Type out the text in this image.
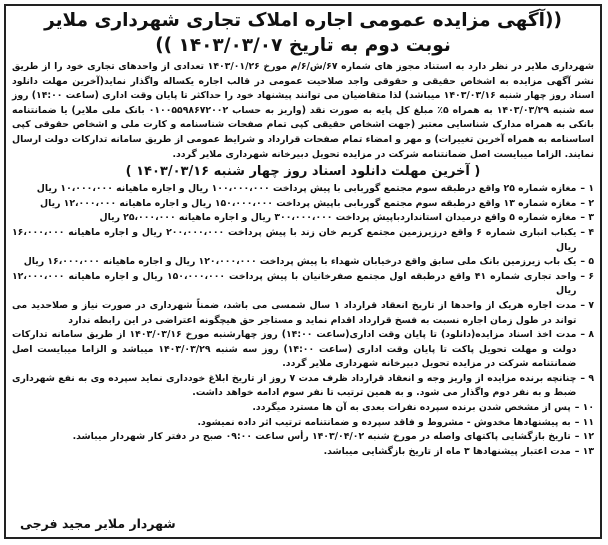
((آگهی مزایده عمومی اجاره املاک تجاری شهرداری ملایر

نوبت دوم به تاریخ ۱۴۰۳/۰۳/۰۷ ))

شهرداری ملایر در نظر دارد به استناد مجوز های شماره ۶۷/ش/۶/م مورخ ۱۴۰۳/۰۱/۲۶ تعدادی از واحدهای تجاری خود را از طریق نشر آگهی مزایده به اشخاص حقیقی و حقوقی واجد صلاحیت عمومی در قالب اجاره یکساله واگذار نماید(آخرین مهلت دانلود اسناد روز چهار شنبه ۱۴۰۳/۰۳/۱۶ میباشد) لذا متقاضیان می توانند پیشنهاد خود را حداکثر تا پایان وقت اداری (ساعت ۱۴:۰۰) روز سه شنبه ۱۴۰۳/۰۳/۲۹ به همراه ۵٪ مبلغ کل پایه به صورت نقد (واریز به حساب ۰۱۰۰۵۵۹۸۶۷۲۰۰۲ بانک ملی ملایر) یا ضمانتنامه بانکی به همراه مدارک شناسایی معتبر (جهت اشخاص حقیقی کپی تمام صفحات شناسنامه و کارت ملی و اشخاص حقوقی کپی اساسنامه به همراه آخرین تغییرات) و مهر و امضاء تمام صفحات قرارداد و شرایط عمومی از طریق سامانه تدارکات دولت ارسال نمایند. الزاما میبایست اصل ضمانتنامه شرکت در مزایده تحویل دبیرخانه شهرداری ملایر گردد.

( آخرین مهلت دانلود اسناد روز چهار شنبه ۱۴۰۳/۰۳/۱۶ )

۱ –
مغازه شماره ۲۵ واقع درطبقه سوم مجتمع گوربابی با پیش پرداخت ۱۰۰،۰۰۰،۰۰۰ ریال و اجاره ماهیانه ۱۰،۰۰۰،۰۰۰ ریال
۲ –
مغازه شماره ۱۳ واقع درطبقه سوم مجتمع گوربابی باپیش پرداخت ۱۵۰،۰۰۰،۰۰۰ ریال و اجاره ماهیانه ۱۲،۰۰۰،۰۰۰ ریال
۳ –
مغازه شماره ۵ واقع درمیدان استانداردباپیش پرداخت ۳۰۰،۰۰۰،۰۰۰ ریال و اجاره ماهیانه ۲۵،۰۰۰،۰۰۰ ریال
۴ –
یکباب انباری شماره ۶ واقع درزیرزمین مجتمع کریم خان زند با پیش پرداخت ۲۰۰،۰۰۰،۰۰۰ ریال و اجاره ماهیانه ۱۶،۰۰۰،۰۰۰ ریال
۵ –
یک باب زیرزمین بانک ملی سابق واقع درخیابان شهداء با پیش پرداخت ۱۲۰،۰۰۰،۰۰۰ ریال و اجاره ماهیانه ۱۶،۰۰۰،۰۰۰ ریال
۶ –
واحد تجاری شماره ۴۱ واقع درطبقه اول مجتمع صفرخانیان با پیش پرداخت ۱۵۰،۰۰۰،۰۰۰ ریال و اجاره ماهیانه ۱۲،۰۰۰،۰۰۰ ریال
۷ –
مدت اجاره هریک از واحدها از تاریخ انعقاد قرارداد ۱ سال شمسی می باشد، ضمناً شهرداری در صورت نیاز و صلاحدید می تواند در طول زمان اجاره نسبت به فسخ قرارداد اقدام نماید و مستاجر حق هیچگونه اعتراضی در این رابطه ندارد
۸ –
مدت اخذ اسناد مزایده(دانلود) تا پایان وقت اداری(ساعت ۱۴:۰۰) روز چهارشنبه مورخ ۱۴۰۳/۰۳/۱۶ از طریق سامانه تدارکات دولت و مهلت تحویل پاکت تا پایان وقت اداری (ساعت ۱۴:۰۰) روز سه شنبه ۱۴۰۳/۰۳/۲۹ میباشد و الزاما میبایست اصل ضمانتنامه شرکت در مزایده تحویل دبیرخانه شهرداری ملایر گردد.
۹ –
چنانچه برنده مزایده از واریز وجه و انعقاد قرارداد ظرف مدت ۷ روز از تاریخ ابلاغ خودداری نماید سپرده وی به نفع شهرداری ضبط و به نفر دوم واگذار می شود. و به همین ترتیب تا نفر سوم ادامه خواهد داشت.
۱۰ –
پس از مشخص شدن برنده سپرده نفرات بعدی به آن ها مسترد میگردد.
۱۱ –
به پیشنهادها مخدوش - مشروط و فاقد سپرده و ضمانتنامه ترتیب اثر داده نمیشود.
۱۲ –
تاریخ بازگشایی پاکتهای واصله در مورخ شنبه ۱۴۰۳/۰۴/۰۲ رأس ساعت ۰۹:۰۰ صبح در دفتر کار شهردار میباشد.
۱۳ –
مدت اعتبار پیشنهادها ۳ ماه از تاریخ بازگشایی میباشد.
شهردار ملایر مجید فرجی
